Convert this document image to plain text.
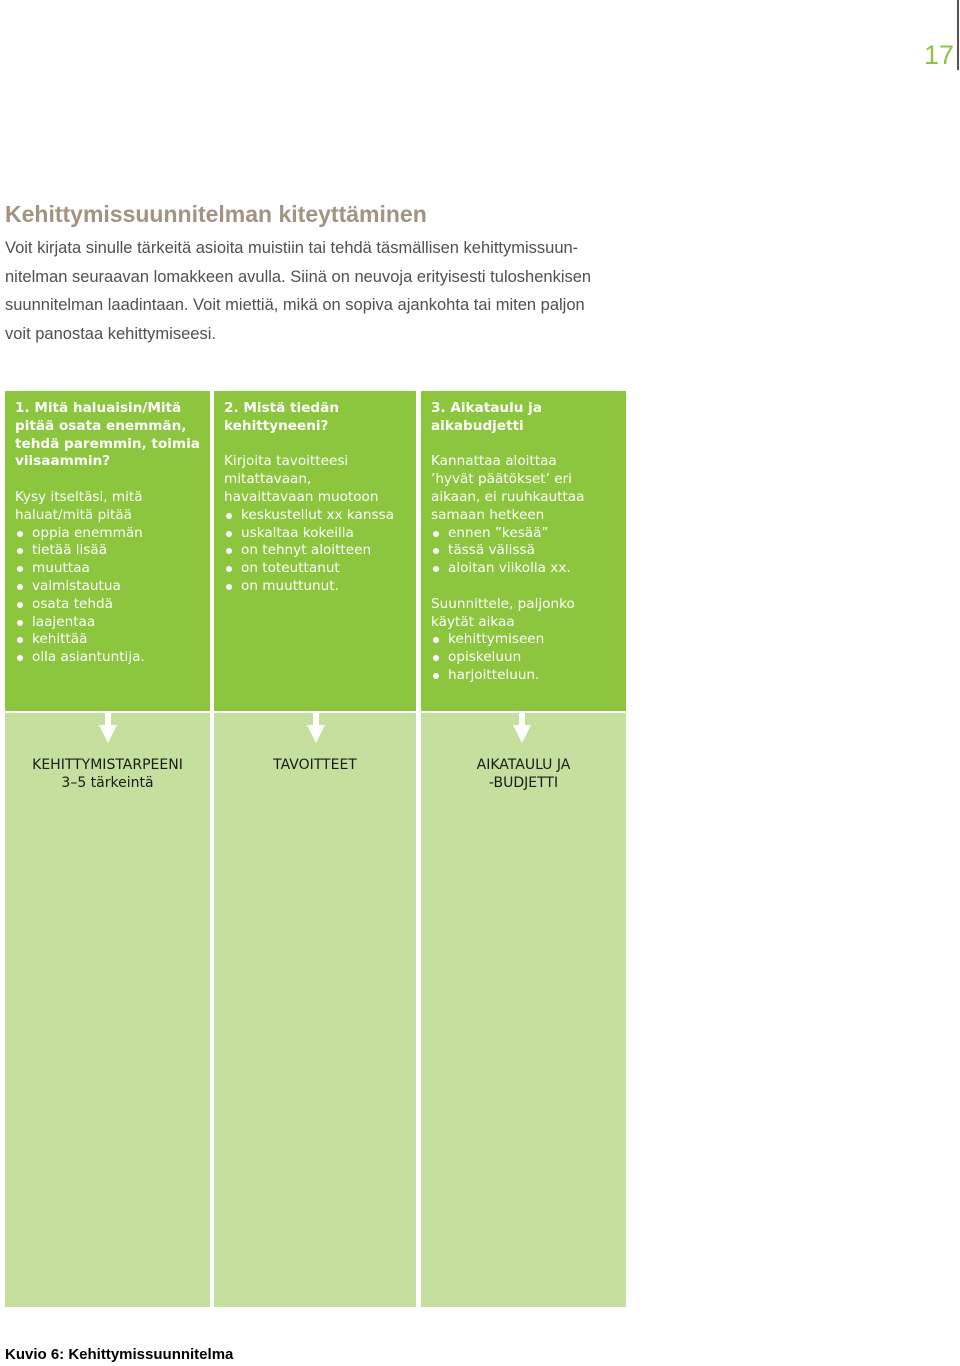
17
Kehittymissuunnitelman kiteyttäminen
Voit kirjata sinulle tärkeitä asioita muistiin tai tehdä täsmällisen kehittymissuun-
nitelman seuraavan lomakkeen avulla. Siinä on neuvoja erityisesti tuloshenkisen
suunnitelman laadintaan. Voit miettiä, mikä on sopiva ajankohta tai miten paljon
voit panostaa kehittymiseesi.
1. Mitä haluaisin/Mitä
pitää osata enemmän,
tehdä paremmin, toimia
viisaammin?
Kysy itseltäsi, mitä
haluat/mitä pitää
oppia enemmän
tietää lisää
muuttaa
valmistautua
osata tehdä
laajentaa
kehittää
olla asiantuntija.
2. Mistä tiedän
kehittyneeni?
Kirjoita tavoitteesi
mitattavaan,
havaittavaan muotoon
keskustellut xx kanssa
uskaltaa kokeilla
on tehnyt aloitteen
on toteuttanut
on muuttunut.
3. Aikataulu ja
aikabudjetti
Kannattaa aloittaa
’hyvät päätökset’ eri
aikaan, ei ruuhkauttaa
samaan hetkeen
ennen ”kesää”
tässä välissä
aloitan viikolla xx.
Suunnittele, paljonko
käytät aikaa
kehittymiseen
opiskeluun
harjoitteluun.
KEHITTYMISTARPEENI
3–5 tärkeintä
TAVOITTEET	AIKATAULU JA
-BUDJETTI
Kuvio 6: Kehittymissuunnitelma
